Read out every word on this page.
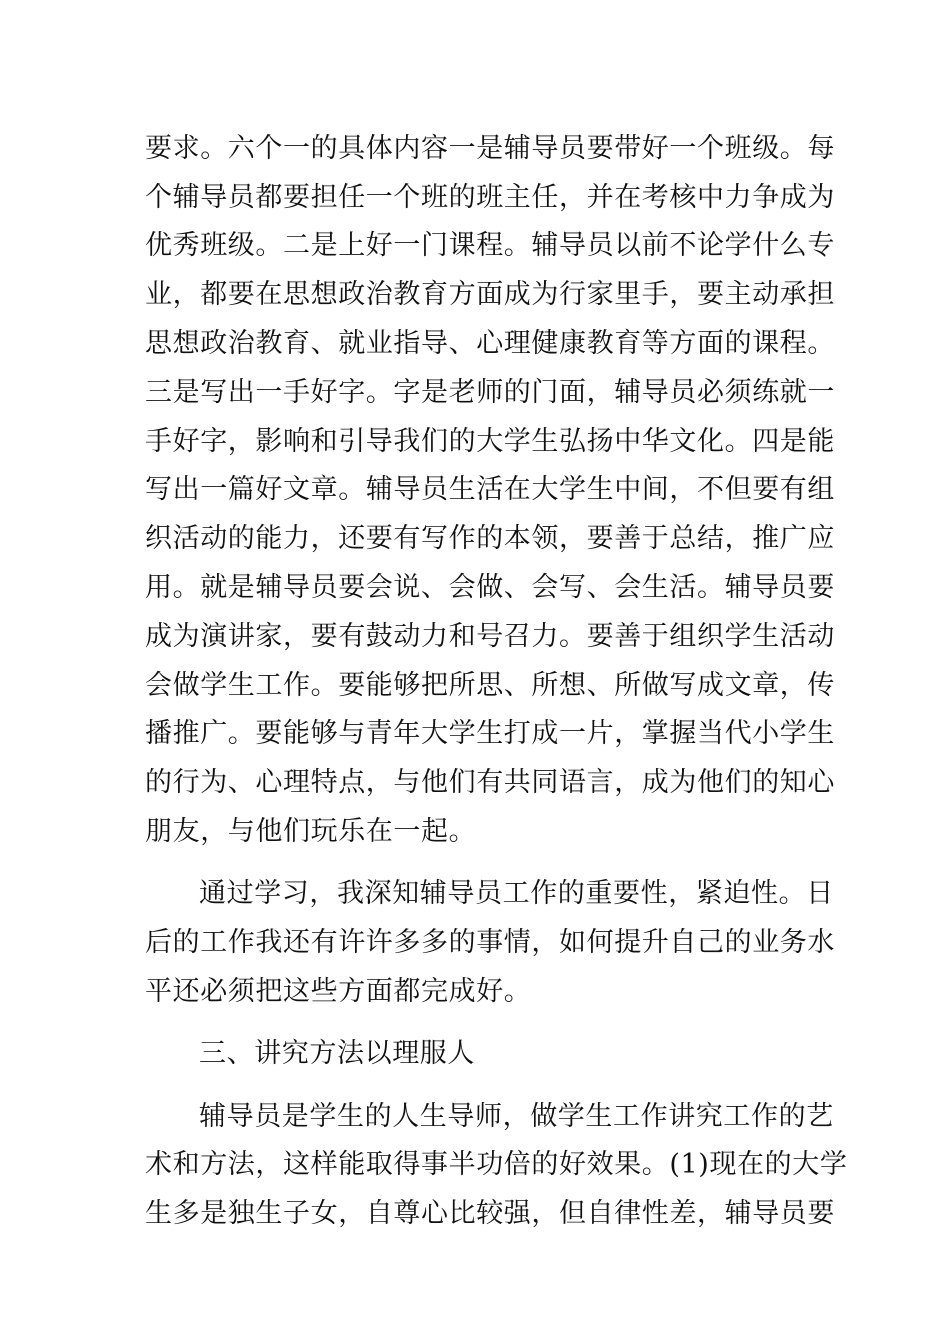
要求。六个一的具体内容一是辅导员要带好一个班级。每
个辅导员都要担任一个班的班主任，并在考核中力争成为
优秀班级。二是上好一门课程。辅导员以前不论学什么专
业，都要在思想政治教育方面成为行家里手，要主动承担
思想政治教育、就业指导、心理健康教育等方面的课程。
三是写出一手好字。字是老师的门面，辅导员必须练就一
手好字，影响和引导我们的大学生弘扬中华文化。四是能
写出一篇好文章。辅导员生活在大学生中间，不但要有组
织活动的能力，还要有写作的本领，要善于总结，推广应
用。就是辅导员要会说、会做、会写、会生活。辅导员要
成为演讲家，要有鼓动力和号召力。要善于组织学生活动
会做学生工作。要能够把所思、所想、所做写成文章，传
播推广。要能够与青年大学生打成一片，掌握当代小学生
的行为、心理特点，与他们有共同语言，成为他们的知心
朋友，与他们玩乐在一起。
通过学习，我深知辅导员工作的重要性，紧迫性。日
后的工作我还有许许多多的事情，如何提升自己的业务水
平还必须把这些方面都完成好。
三、讲究方法以理服人
辅导员是学生的人生导师，做学生工作讲究工作的艺
术和方法，这样能取得事半功倍的好效果。(1)现在的大学
生多是独生子女，自尊心比较强，但自律性差，辅导员要
